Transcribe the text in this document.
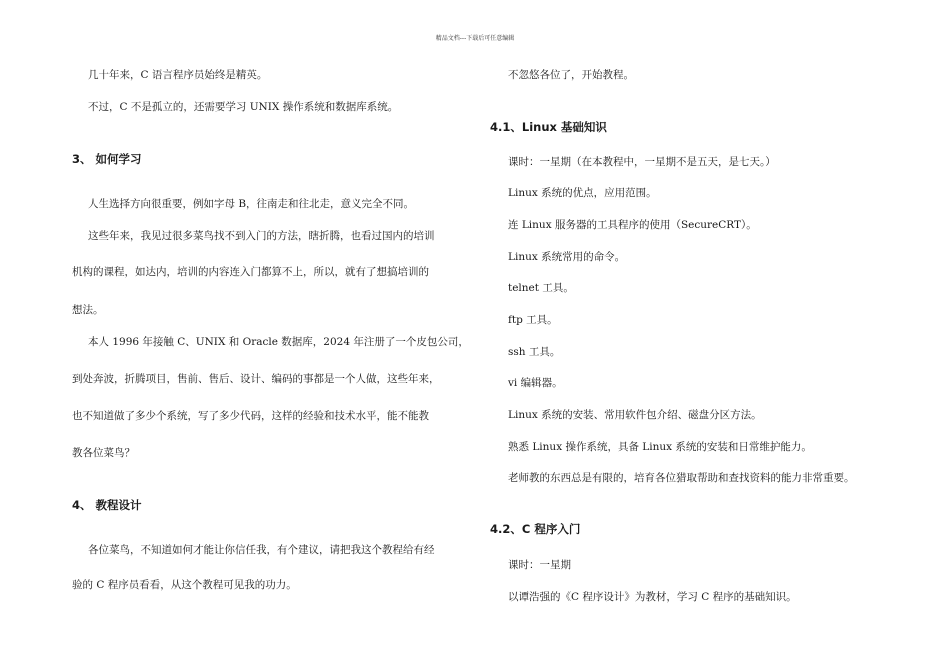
精品文档---下载后可任意编辑
几十年来，C 语言程序员始终是精英。
不过，C 不是孤立的，还需要学习 UNIX 操作系统和数据库系统。
3、 如何学习
人生选择方向很重要，例如字母 B，往南走和往北走，意义完全不同。
这些年来，我见过很多菜鸟找不到入门的方法，瞎折腾，也看过国内的培训
机构的课程，如达内，培训的内容连入门都算不上，所以，就有了想搞培训的
想法。
本人 1996 年接触 C、UNIX 和 Oracle 数据库，2024 年注册了一个皮包公司，
到处奔波，折腾项目，售前、售后、设计、编码的事都是一个人做，这些年来，
也不知道做了多少个系统，写了多少代码，这样的经验和技术水平，能不能教
教各位菜鸟？
4、 教程设计
各位菜鸟，不知道如何才能让你信任我，有个建议，请把我这个教程给有经
验的 C 程序员看看，从这个教程可见我的功力。
不忽悠各位了，开始教程。
4.1、Linux 基础知识
课时：一星期（在本教程中，一星期不是五天，是七天。）
Linux 系统的优点，应用范围。
连 Linux 服务器的工具程序的使用（SecureCRT）。
Linux 系统常用的命令。
telnet 工具。
ftp 工具。
ssh 工具。
vi 编辑器。
Linux 系统的安装、常用软件包介绍、磁盘分区方法。
熟悉 Linux 操作系统，具备 Linux 系统的安装和日常维护能力。
老师教的东西总是有限的，培育各位猎取帮助和查找资料的能力非常重要。
4.2、C 程序入门
课时：一星期
以谭浩强的《C 程序设计》为教材，学习 C 程序的基础知识。
